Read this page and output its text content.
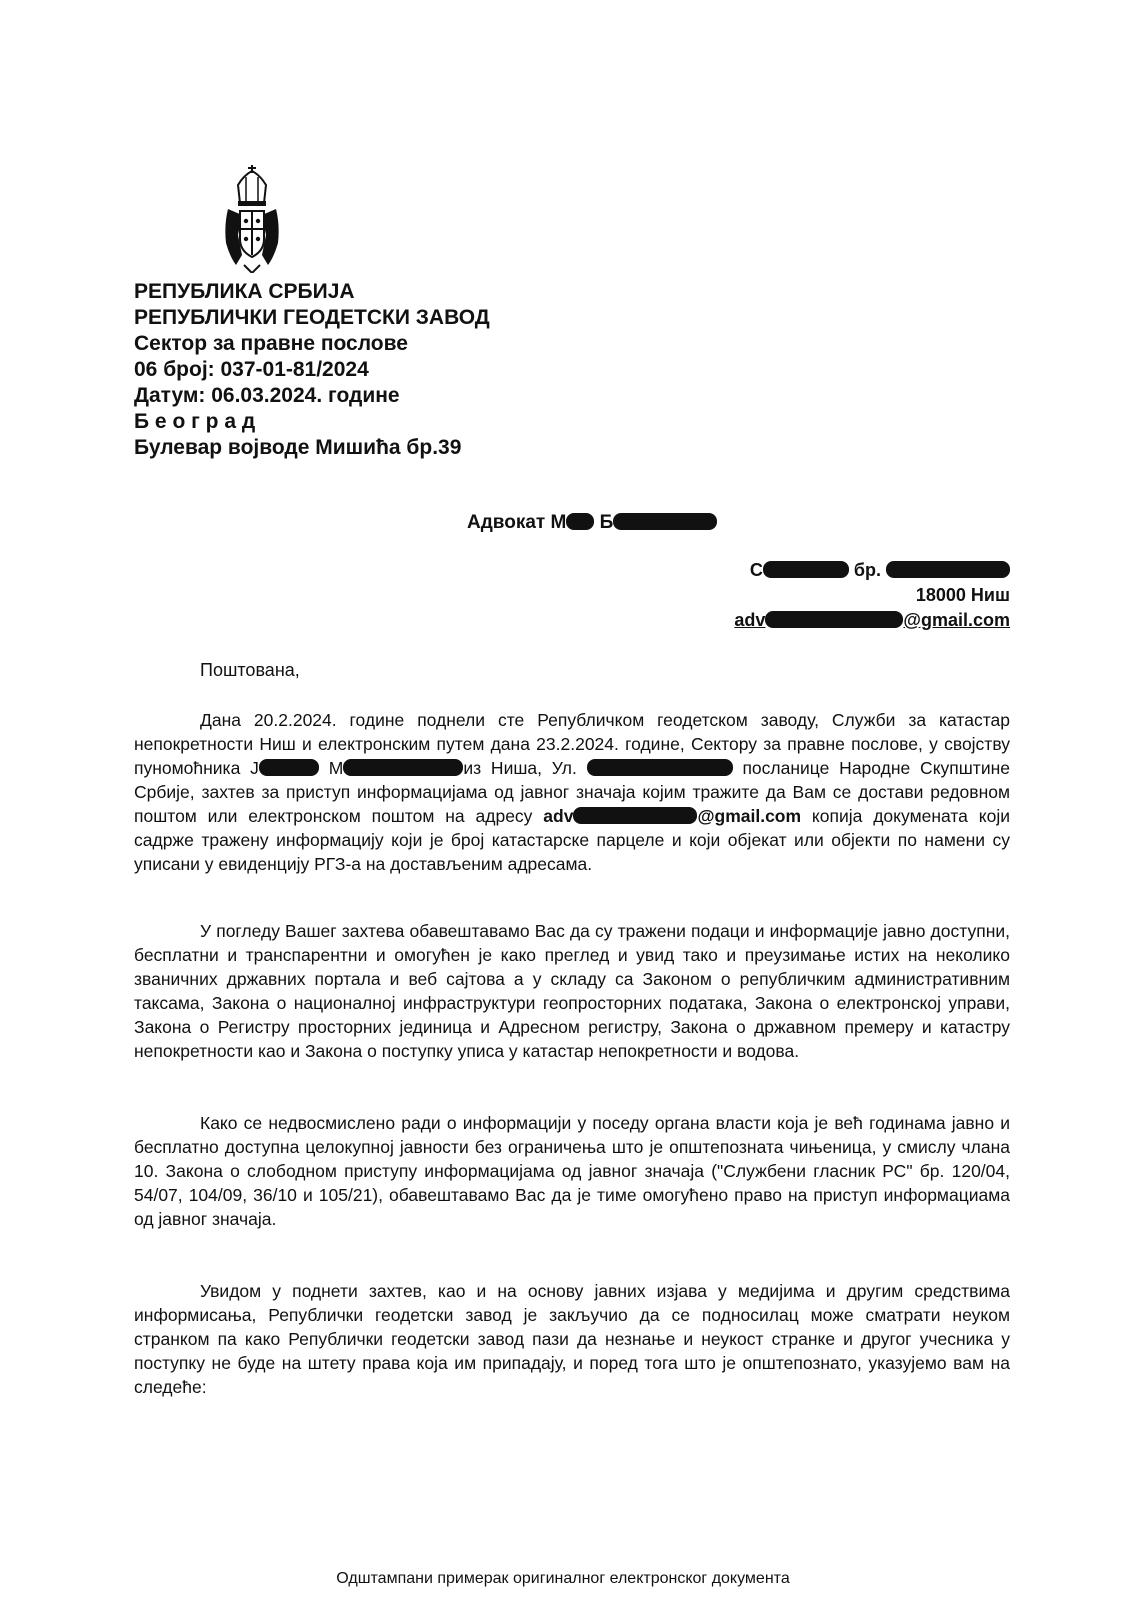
РЕПУБЛИКА СРБИЈА
РЕПУБЛИЧКИ ГЕОДЕТСКИ ЗАВОД
Сектор за правне послове
06 број: 037-01-81/2024
Датум: 06.03.2024. године
Б е о г р а д
Булевар војводе Мишића бр.39
Адвокат М Б
С	бр.
18000 Ниш
adv	@gmail.com
Поштована,

Дана 20.2.2024. године поднели сте Републичком геодетском заводу, Служби за катастар непокретности Ниш и електронским путем дана 23.2.2024. године, Сектору за правне послове, у својству пуномоћника Ј	М	из Ниша, Ул.	посланице Народне Скупштине Србије, захтев за приступ информацијама од јавног значаја којим тражите да Вам се достави редовном поштом или електронском поштом на адресу adv	@gmail.com копија докумената који садрже тражену информацију који је број катастарске парцеле и који објекат или објекти по намени су уписани у евиденцију РГЗ-а на достављеним адресама.

У погледу Вашег захтева обавештавамо Вас да су тражени подаци и информације јавно доступни, бесплатни и транспарентни и омогућен је како преглед и увид тако и преузимање истих на неколико званичних државних портала и веб сајтова а у складу са Законом о републичким административним таксама, Закона о националној инфраструктури геопросторних података, Закона о електронској управи, Закона о Регистру просторних јединица и Адресном регистру, Закона о државном премеру и катастру непокретности као и Закона о поступку уписа у катастар непокретности и водова.

Како се недвосмислено ради о информацији у поседу органа власти која је већ годинама јавно и бесплатно доступна целокупној јавности без ограничења што је општепозната чињеница, у смислу члана 10. Закона о слободном приступу информацијама од јавног значаја ("Службени гласник РС" бр. 120/04, 54/07, 104/09, 36/10 и 105/21), обавештавамо Вас да је тиме омогућено право на приступ информациама од јавног значаја.

Увидом у поднети захтев, као и на основу јавних изјава у медијима и другим средствима информисања, Републички геодетски завод је закључио да се подносилац може сматрати неуком странком па како Републички геодетски завод пази да незнање и неукост странке и другог учесника у поступку не буде на штету права која им припадају, и поред тога што је општепознато, указујемо вам на следеће:

Одштампани примерак оригиналног електронског документа
